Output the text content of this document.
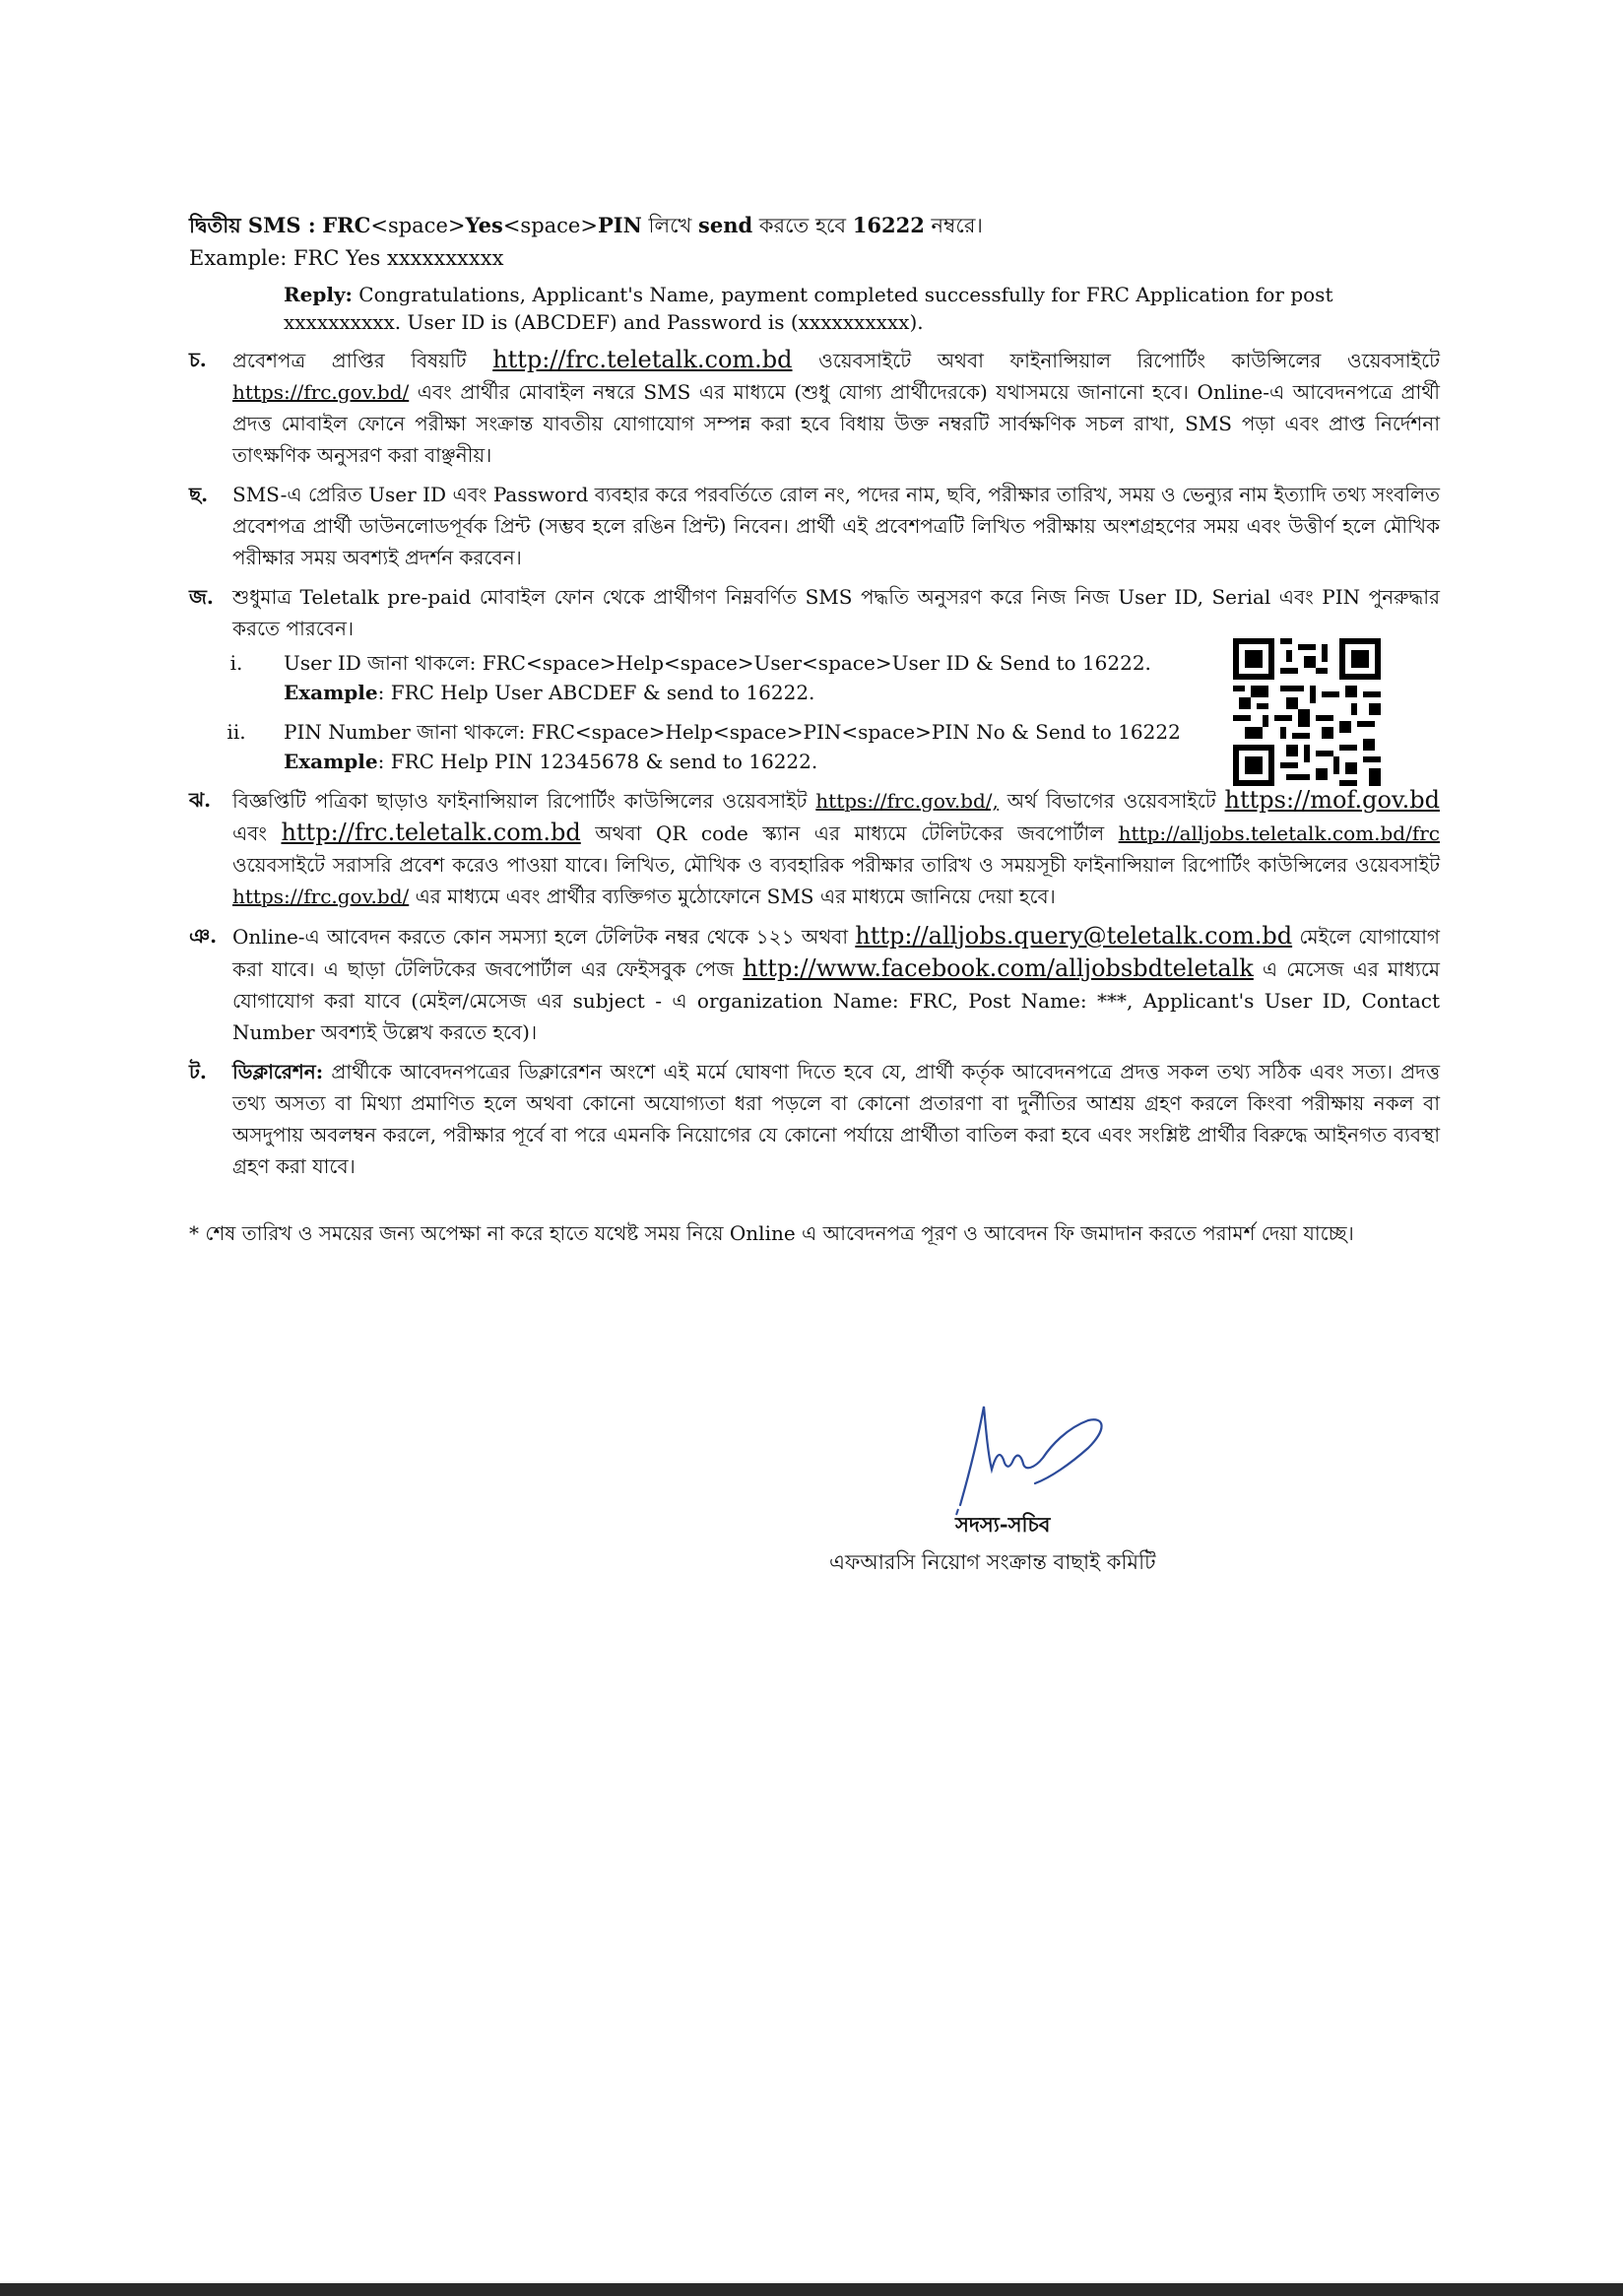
দ্বিতীয় SMS : FRC<space>Yes<space>PIN লিখে send করতে হবে 16222 নম্বরে।
Example: FRC Yes xxxxxxxxxx
Reply: Congratulations, Applicant's Name, payment completed successfully for FRC Application for post xxxxxxxxxx. User ID is (ABCDEF) and Password is (xxxxxxxxxx).
চ.	প্রবেশপত্র প্রাপ্তির বিষয়টি http://frc.teletalk.com.bd ওয়েবসাইটে অথবা ফাইনান্সিয়াল রিপোর্টিং কাউন্সিলের ওয়েবসাইটে https://frc.gov.bd/ এবং প্রার্থীর মোবাইল নম্বরে SMS এর মাধ্যমে (শুধু যোগ্য প্রার্থীদেরকে) যথাসময়ে জানানো হবে। Online-এ আবেদনপত্রে প্রার্থী প্রদত্ত মোবাইল ফোনে পরীক্ষা সংক্রান্ত যাবতীয় যোগাযোগ সম্পন্ন করা হবে বিধায় উক্ত নম্বরটি সার্বক্ষণিক সচল রাখা, SMS পড়া এবং প্রাপ্ত নির্দেশনা তাৎক্ষণিক অনুসরণ করা বাঞ্ছনীয়।
ছ.	SMS-এ প্রেরিত User ID এবং Password ব্যবহার করে পরবর্তিতে রোল নং, পদের নাম, ছবি, পরীক্ষার তারিখ, সময় ও ভেন্যুর নাম ইত্যাদি তথ্য সংবলিত প্রবেশপত্র প্রার্থী ডাউনলোডপূর্বক প্রিন্ট (সম্ভব হলে রঙিন প্রিন্ট) নিবেন। প্রার্থী এই প্রবেশপত্রটি লিখিত পরীক্ষায় অংশগ্রহণের সময় এবং উত্তীর্ণ হলে মৌখিক পরীক্ষার সময় অবশ্যই প্রদর্শন করবেন।
জ. শুধুমাত্র Teletalk pre-paid মোবাইল ফোন থেকে প্রার্থীগণ নিম্নবর্ণিত SMS পদ্ধতি অনুসরণ করে নিজ নিজ User ID, Serial এবং PIN পুনরুদ্ধার করতে পারবেন।
i.	User ID জানা থাকলে: FRC<space>Help<space>User<space>User ID & Send to 16222.
Example: FRC Help User ABCDEF & send to 16222.
ii.	PIN Number জানা থাকলে: FRC<space>Help<space>PIN<space>PIN No & Send to 16222
Example: FRC Help PIN 12345678 & send to 16222.
ঝ.	বিজ্ঞপ্তিটি পত্রিকা ছাড়াও ফাইনান্সিয়াল রিপোর্টিং কাউন্সিলের ওয়েবসাইট https://frc.gov.bd/, অর্থ বিভাগের ওয়েবসাইটে https://mof.gov.bd এবং http://frc.teletalk.com.bd অথবা QR code স্ক্যান এর মাধ্যমে টেলিটকের জবপোর্টাল http://alljobs.teletalk.com.bd/frc ওয়েবসাইটে সরাসরি প্রবেশ করেও পাওয়া যাবে। লিখিত, মৌখিক ও ব্যবহারিক পরীক্ষার তারিখ ও সময়সূচী ফাইনান্সিয়াল রিপোর্টিং কাউন্সিলের ওয়েবসাইট https://frc.gov.bd/ এর মাধ্যমে এবং প্রার্থীর ব্যক্তিগত মুঠোফোনে SMS এর মাধ্যমে জানিয়ে দেয়া হবে।
ঞ. Online-এ আবেদন করতে কোন সমস্যা হলে টেলিটক নম্বর থেকে ১২১ অথবা http://alljobs.query@teletalk.com.bd মেইলে যোগাযোগ করা যাবে। এ ছাড়া টেলিটকের জবপোর্টাল এর ফেইসবুক পেজ http://www.facebook.com/alljobsbdteletalk এ মেসেজ এর মাধ্যমে যোগাযোগ করা যাবে (মেইল/মেসেজ এর subject - এ organization Name: FRC, Post Name: ***, Applicant's User ID, Contact Number অবশ্যই উল্লেখ করতে হবে)।
ট.	ডিক্লারেশন: প্রার্থীকে আবেদনপত্রের ডিক্লারেশন অংশে এই মর্মে ঘোষণা দিতে হবে যে, প্রার্থী কর্তৃক আবেদনপত্রে প্রদত্ত সকল তথ্য সঠিক এবং সত্য। প্রদত্ত তথ্য অসত্য বা মিথ্যা প্রমাণিত হলে অথবা কোনো অযোগ্যতা ধরা পড়লে বা কোনো প্রতারণা বা দুর্নীতির আশ্রয় গ্রহণ করলে কিংবা পরীক্ষায় নকল বা অসদুপায় অবলম্বন করলে, পরীক্ষার পূর্বে বা পরে এমনকি নিয়োগের যে কোনো পর্যায়ে প্রার্থীতা বাতিল করা হবে এবং সংশ্লিষ্ট প্রার্থীর বিরুদ্ধে আইনগত ব্যবস্থা গ্রহণ করা যাবে।
* শেষ তারিখ ও সময়ের জন্য অপেক্ষা না করে হাতে যথেষ্ট সময় নিয়ে Online এ আবেদনপত্র পূরণ ও আবেদন ফি জমাদান করতে পরামর্শ দেয়া যাচ্ছে।
সদস্য-সচিব
এফআরসি নিয়োগ সংক্রান্ত বাছাই কমিটি
